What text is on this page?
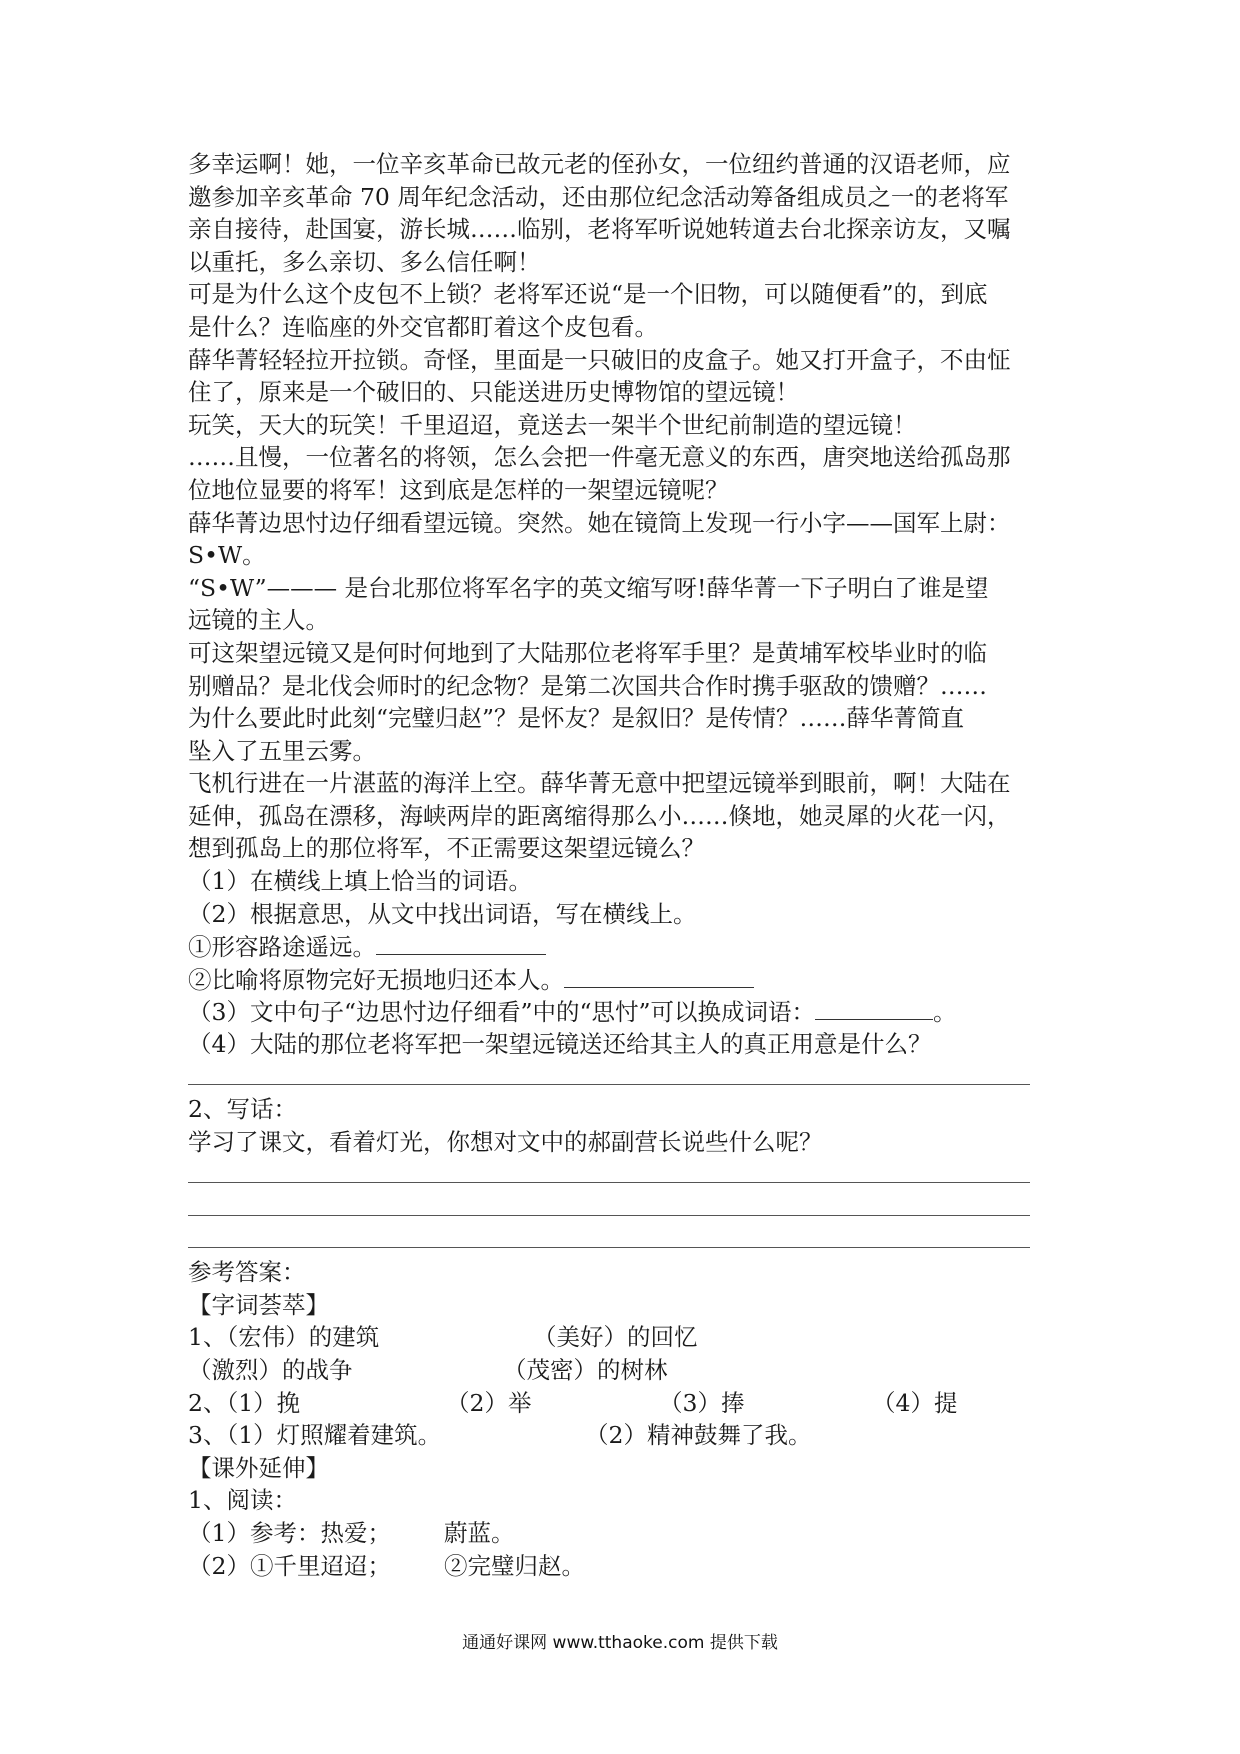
多幸运啊！她，一位辛亥革命已故元老的侄孙女，一位纽约普通的汉语老师，应
邀参加辛亥革命 70 周年纪念活动，还由那位纪念活动筹备组成员之一的老将军
亲自接待，赴国宴，游长城……临别，老将军听说她转道去台北探亲访友，又嘱
以重托，多么亲切、多么信任啊！
可是为什么这个皮包不上锁？老将军还说“是一个旧物，可以随便看”的，到底
是什么？连临座的外交官都盯着这个皮包看。
薛华菁轻轻拉开拉锁。奇怪，里面是一只破旧的皮盒子。她又打开盒子，不由怔
住了，原来是一个破旧的、只能送进历史博物馆的望远镜！
玩笑，天大的玩笑！千里迢迢，竟送去一架半个世纪前制造的望远镜！
……且慢，一位著名的将领，怎么会把一件毫无意义的东西，唐突地送给孤岛那
位地位显要的将军！这到底是怎样的一架望远镜呢？
薛华菁边思忖边仔细看望远镜。突然。她在镜筒上发现一行小字——国军上尉：
S•W。
“S•W”——— 是台北那位将军名字的英文缩写呀!薛华菁一下子明白了谁是望
远镜的主人。
可这架望远镜又是何时何地到了大陆那位老将军手里？是黄埔军校毕业时的临
别赠品？是北伐会师时的纪念物？是第二次国共合作时携手驱敌的馈赠？……
为什么要此时此刻“完璧归赵”？是怀友？是叙旧？是传情？……薛华菁简直
坠入了五里云雾。
飞机行进在一片湛蓝的海洋上空。薛华菁无意中把望远镜举到眼前，啊！大陆在
延伸，孤岛在漂移，海峡两岸的距离缩得那么小……倏地，她灵犀的火花一闪，
想到孤岛上的那位将军，不正需要这架望远镜么？
（1）在横线上填上恰当的词语。
（2）根据意思，从文中找出词语，写在横线上。
①形容路途遥远。
②比喻将原物完好无损地归还本人。
（3）文中句子“边思忖边仔细看”中的“思忖”可以换成词语：	。
（4）大陆的那位老将军把一架望远镜送还给其主人的真正用意是什么？
2、写话：
学习了课文，看着灯光，你想对文中的郝副营长说些什么呢？
参考答案：
【字词荟萃】
1、（宏伟）的建筑	（美好）的回忆
（激烈）的战争	（茂密）的树林
2、（1）挽	（2）举	（3）捧	（4）提
3、（1）灯照耀着建筑。	（2）精神鼓舞了我。
【课外延伸】
1、阅读：
（1）参考：热爱； 蔚蓝。
（2）①千里迢迢； ②完璧归赵。
通通好课网 www.tthaoke.com 提供下载
